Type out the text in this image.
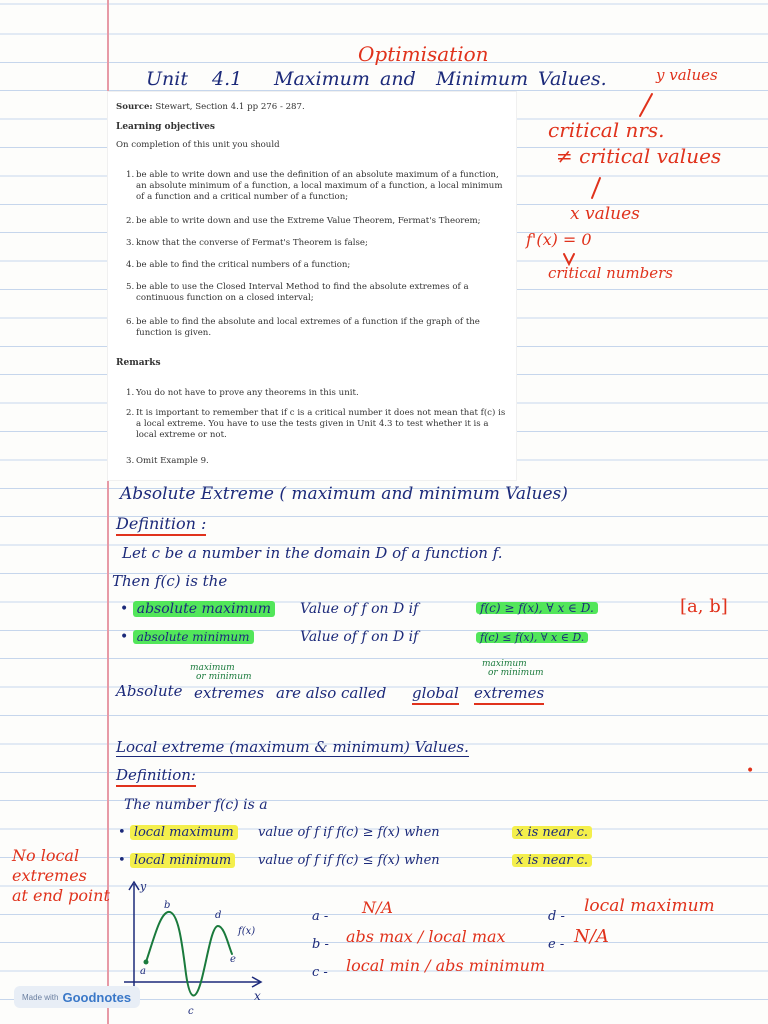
Optimisation
y values
Unit 4.1 Maximum and Minimum Values.
critical nrs.
≠ critical values
x values
f'(x) = 0
critical numbers
Source: Stewart, Section 4.1 pp 276 - 287.
Learning objectives
On completion of this unit you should
1. be able to write down and use the definition of an absolute maximum of a function, an absolute minimum of a function, a local maximum of a function, a local minimum of a function and a critical number of a function;
2. be able to write down and use the Extreme Value Theorem, Fermat's Theorem;
3. know that the converse of Fermat's Theorem is false;
4. be able to find the critical numbers of a function;
5. be able to use the Closed Interval Method to find the absolute extremes of a continuous function on a closed interval;
6. be able to find the absolute and local extremes of a function if the graph of the function is given.
Remarks
1. You do not have to prove any theorems in this unit.
2. It is important to remember that if c is a critical number it does not mean that f(c) is a local extreme. You have to use the tests given in Unit 4.3 to test whether it is a local extreme or not.
3. Omit Example 9.
Absolute Extreme ( maximum and minimum Values)
Definition :
Let c be a number in the domain D of a function f.
Then f(c) is the
• absolute maximum Value of f on D if	f(c) ≥ f(x), ∀ x ∈ D.	[a, b]
• absolute minimum	Value of f on D if	f(c) ≤ f(x), ∀ x ∈ D.
maximum
or minimum
maximum
or minimum
Absolute extremes are also called global extremes
Local extreme (maximum & minimum) Values.
Definition:
The number f(c) is a
•
• local maximum	value of f if f(c) ≥ f(x) when	x is near c.
• local minimum	value of f if f(c) ≤ f(x) when	x is near c.
No local
extremes
at end point	y
x
a
b
c
d
e
f(x)
a - N/A
b - abs max / local max
c - local min / abs minimum
d -
local maximum
e - N/A
Made with Goodnotes
